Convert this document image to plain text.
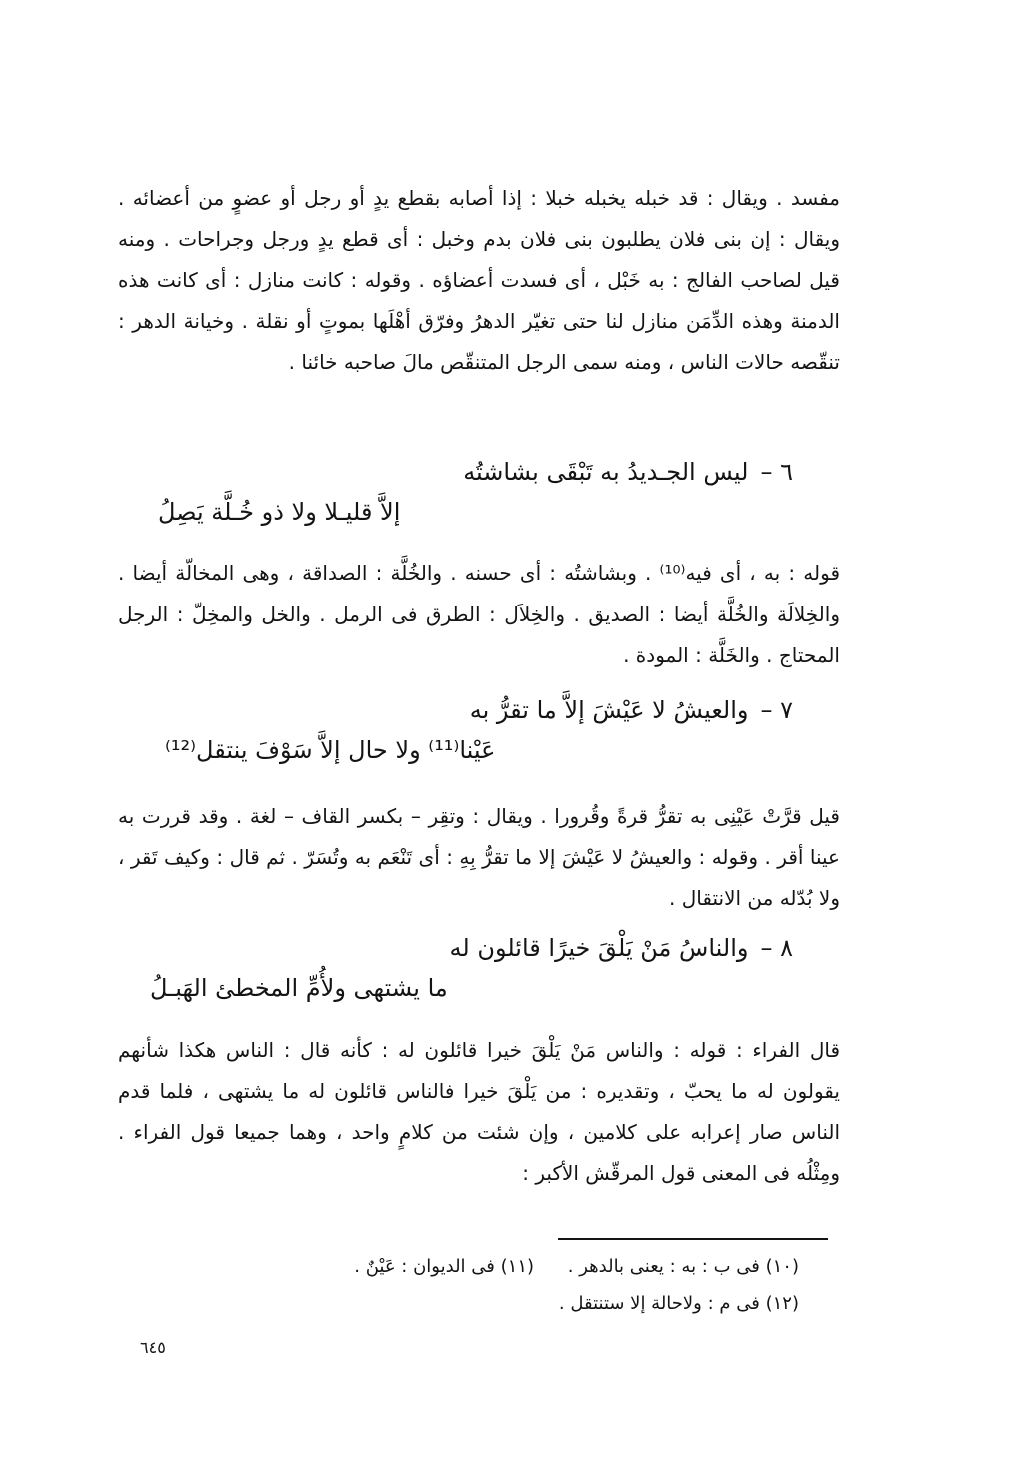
مفسد . ويقال : قد خبله يخبله خبلا : إذا أصابه بقطع يدٍ أو رجل أو عضوٍ من أعضائه . ويقال : إن بنى فلان يطلبون بنى فلان بدم وخبل : أى قطع يدٍ ورجل وجراحات . ومنه قيل لصاحب الفالج : به خَبْل ، أى فسدت أعضاؤه . وقوله : كانت منازل : أى كانت هذه الدمنة وهذه الدِّمَن منازل لنا حتى تغيّر الدهرُ وفرّق أهْلَها بموتٍ أو نقلة . وخيانة الدهر : تنقّصه حالات الناس ، ومنه سمى الرجل المتنقّص مالَ صاحبه خائنا .

٦ –ليس الجـديدُ به تَبْقَى بشاشتُه

إلاَّ قليـلا ولا ذو خُـلَّة يَصِلُ

قوله : به ، أى فيه⁽¹⁰⁾ . وبشاشتُه : أى حسنه . والخُلَّة : الصداقة ، وهى المخالّة أيضا . والخِلالَة والخُلَّة أيضا : الصديق . والخِلاَل : الطرق فى الرمل . والخل والمخِلّ : الرجل المحتاج . والخَلَّة : المودة .

٧ –والعيشُ لا عَيْشَ إلاَّ ما تقرُّ به

عَيْنا⁽¹¹⁾ ولا حال إلاَّ سَوْفَ ينتقل⁽¹²⁾

قيل قرَّتْ عَيْنِى به تقرُّ قرةً وقُرورا . ويقال : وتقِر – بكسر القاف – لغة . وقد قررت به عينا أقر . وقوله : والعيشُ لا عَيْشَ إلا ما تقرُّ بِهِ : أى تَنْعَم به وتُسَرّ . ثم قال : وكيف تَقر ، ولا بُدّله من الانتقال .

٨ –والناسُ مَنْ يَلْقَ خيرًا قائلون له

ما يشتهى ولأُمِّ المخطئ الهَبـلُ

قال الفراء : قوله : والناس مَنْ يَلْقَ خيرا قائلون له : كأنه قال : الناس هكذا شأنهم يقولون له ما يحبّ ، وتقديره : من يَلْقَ خيرا فالناس قائلون له ما يشتهى ، فلما قدم الناس صار إعرابه على كلامين ، وإن شئت من كلامٍ واحد ، وهما جميعا قول الفراء . ومِثْلُه فى المعنى قول المرقّش الأكبر :

(١٠) فى ب : به : يعنى بالدهر . (١١) فى الديوان : عَيْنٌ .

(١٢) فى م : ولاحالة إلا ستنتقل .

٦٤٥
